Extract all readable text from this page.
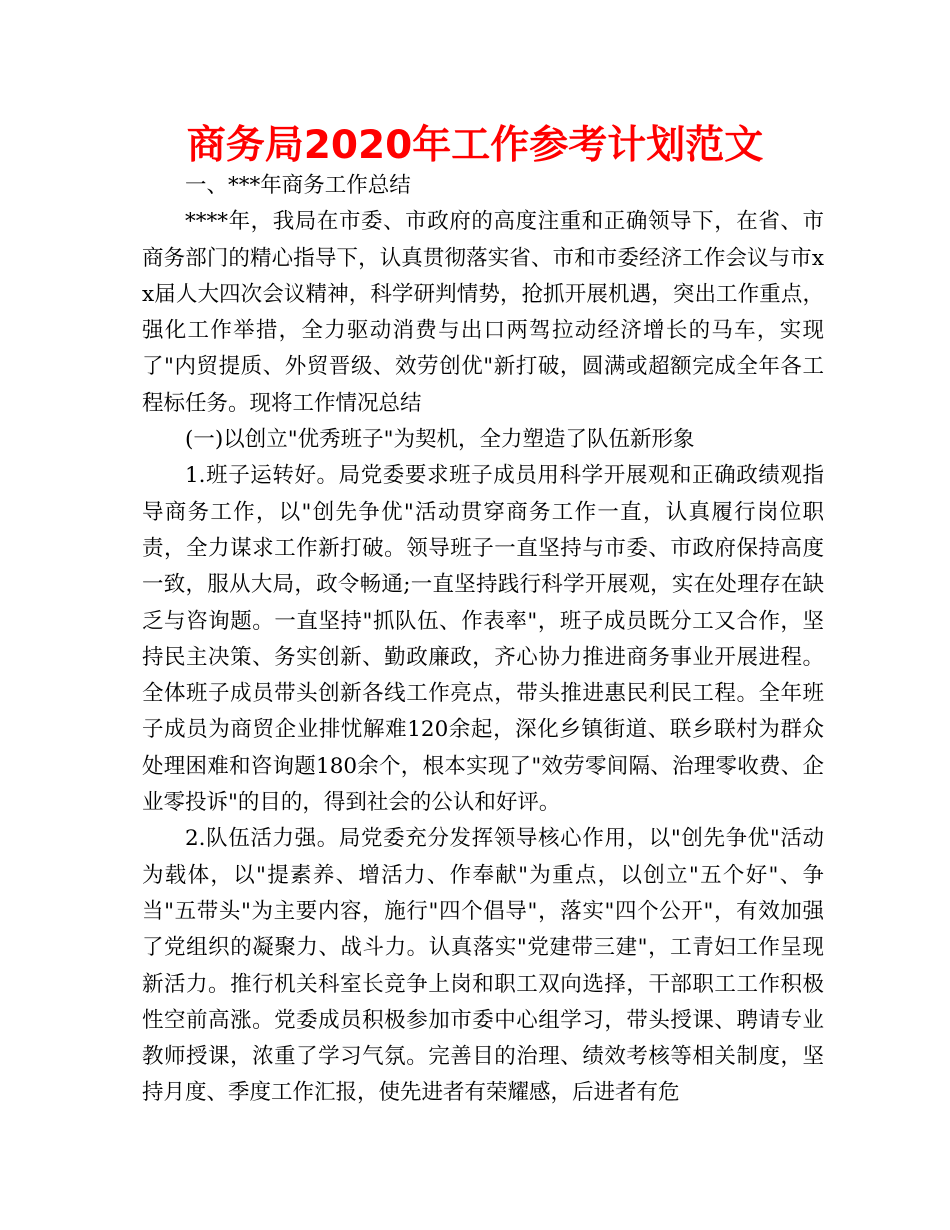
商务局2020年工作参考计划范文

一、***年商务工作总结

****年，我局在市委、市政府的高度注重和正确领导下，在省、市商务部门的精心指导下，认真贯彻落实省、市和市委经济工作会议与市xx届人大四次会议精神，科学研判情势，抢抓开展机遇，突出工作重点，强化工作举措，全力驱动消费与出口两驾拉动经济增长的马车，实现了"内贸提质、外贸晋级、效劳创优"新打破，圆满或超额完成全年各工程标任务。现将工作情况总结

(一)以创立"优秀班子"为契机，全力塑造了队伍新形象

1.班子运转好。局党委要求班子成员用科学开展观和正确政绩观指导商务工作，以"创先争优"活动贯穿商务工作一直，认真履行岗位职责，全力谋求工作新打破。领导班子一直坚持与市委、市政府保持高度一致，服从大局，政令畅通;一直坚持践行科学开展观，实在处理存在缺乏与咨询题。一直坚持"抓队伍、作表率"，班子成员既分工又合作，坚持民主决策、务实创新、勤政廉政，齐心协力推进商务事业开展进程。全体班子成员带头创新各线工作亮点，带头推进惠民利民工程。全年班子成员为商贸企业排忧解难120余起，深化乡镇街道、联乡联村为群众处理困难和咨询题180余个，根本实现了"效劳零间隔、治理零收费、企业零投诉"的目的，得到社会的公认和好评。

2.队伍活力强。局党委充分发挥领导核心作用，以"创先争优"活动为载体，以"提素养、增活力、作奉献"为重点，以创立"五个好"、争当"五带头"为主要内容，施行"四个倡导"，落实"四个公开"，有效加强了党组织的凝聚力、战斗力。认真落实"党建带三建"，工青妇工作呈现新活力。推行机关科室长竞争上岗和职工双向选择，干部职工工作积极性空前高涨。党委成员积极参加市委中心组学习，带头授课、聘请专业教师授课，浓重了学习气氛。完善目的治理、绩效考核等相关制度，坚持月度、季度工作汇报，使先进者有荣耀感，后进者有危
